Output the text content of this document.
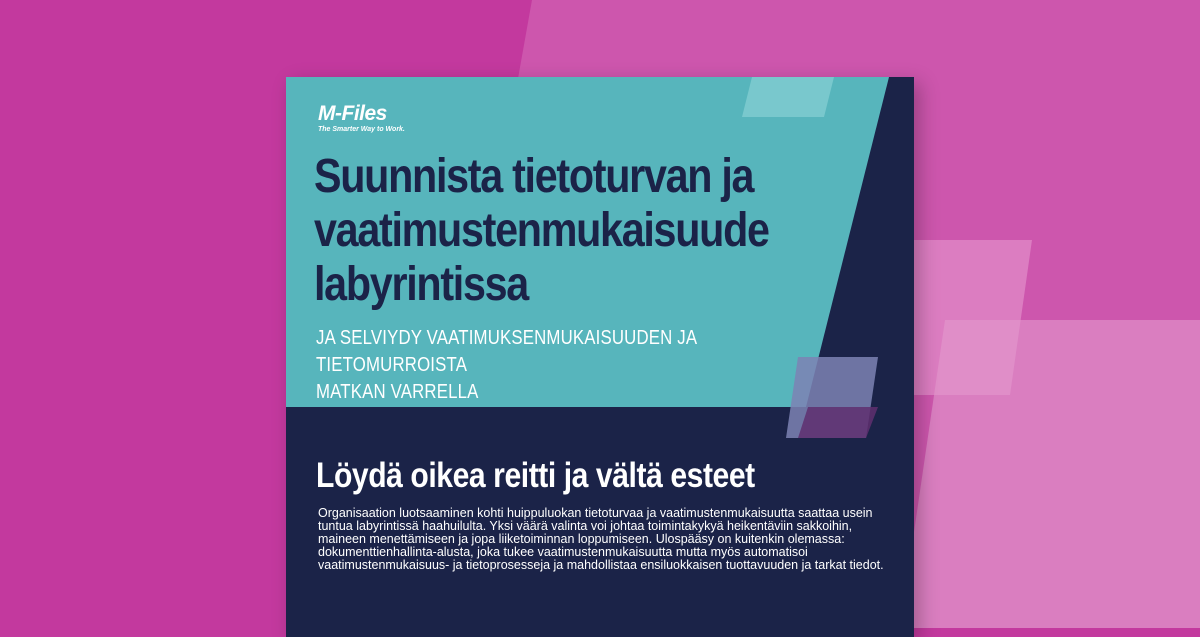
M-Files
The Smarter Way to Work.
Suunnista tietoturvan ja
vaatimustenmukaisuude
labyrintissa

JA SELVIYDY VAATIMUKSENMUKAISUUDEN JA TIETOMURROISTA
MATKAN VARRELLA

Löydä oikea reitti ja vältä esteet

Organisaation luotsaaminen kohti huippuluokan tietoturvaa ja vaatimustenmukaisuutta saattaa usein tuntua labyrintissä haahuilulta. Yksi väärä valinta voi johtaa toimintakykyä heikentäviin sakkoihin, maineen menettämiseen ja jopa liiketoiminnan loppumiseen. Ulospääsy on kuitenkin olemassa: dokumenttienhallinta-alusta, joka tukee vaatimustenmukaisuutta mutta myös automatisoi vaatimustenmukaisuus- ja tietoprosesseja ja mahdollistaa ensiluokkaisen tuottavuuden ja tarkat tiedot.
